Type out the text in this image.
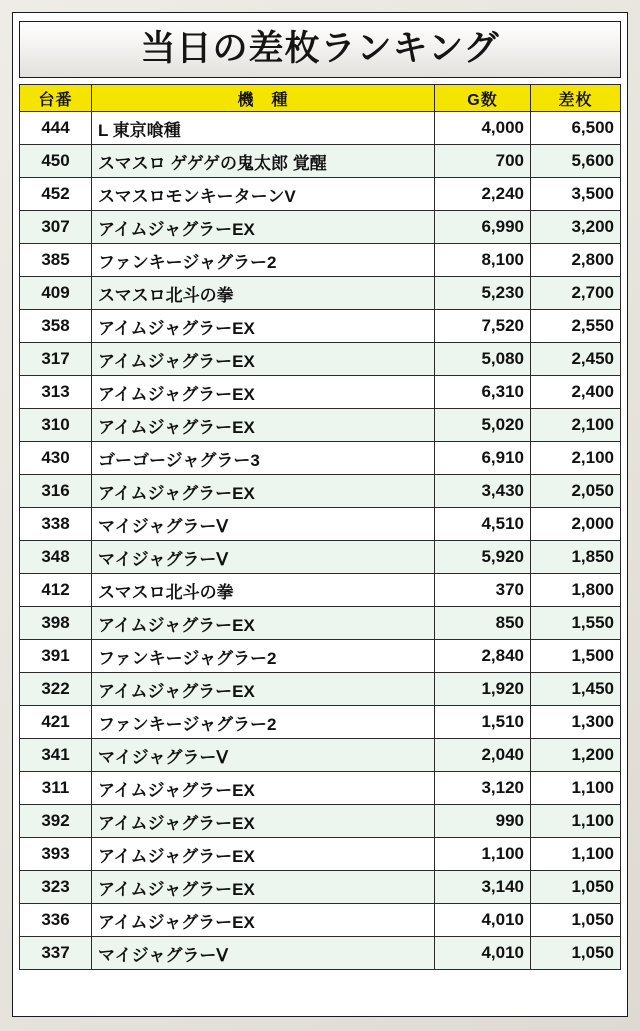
当日の差枚ランキング
台番	機　種	G数	差枚
444	L 東京喰種	4,000	6,500
450	スマスロ ゲゲゲの鬼太郎 覚醒	700	5,600
452	スマスロモンキーターンV	2,240	3,500
307	アイムジャグラーEX	6,990	3,200
385	ファンキージャグラー2	8,100	2,800
409	スマスロ北斗の拳	5,230	2,700
358	アイムジャグラーEX	7,520	2,550
317	アイムジャグラーEX	5,080	2,450
313	アイムジャグラーEX	6,310	2,400
310	アイムジャグラーEX	5,020	2,100
430	ゴーゴージャグラー3	6,910	2,100
316	アイムジャグラーEX	3,430	2,050
338	マイジャグラーⅤ	4,510	2,000
348	マイジャグラーⅤ	5,920	1,850
412	スマスロ北斗の拳	370	1,800
398	アイムジャグラーEX	850	1,550
391	ファンキージャグラー2	2,840	1,500
322	アイムジャグラーEX	1,920	1,450
421	ファンキージャグラー2	1,510	1,300
341	マイジャグラーⅤ	2,040	1,200
311	アイムジャグラーEX	3,120	1,100
392	アイムジャグラーEX	990	1,100
393	アイムジャグラーEX	1,100	1,100
323	アイムジャグラーEX	3,140	1,050
336	アイムジャグラーEX	4,010	1,050
337	マイジャグラーⅤ	4,010	1,050
